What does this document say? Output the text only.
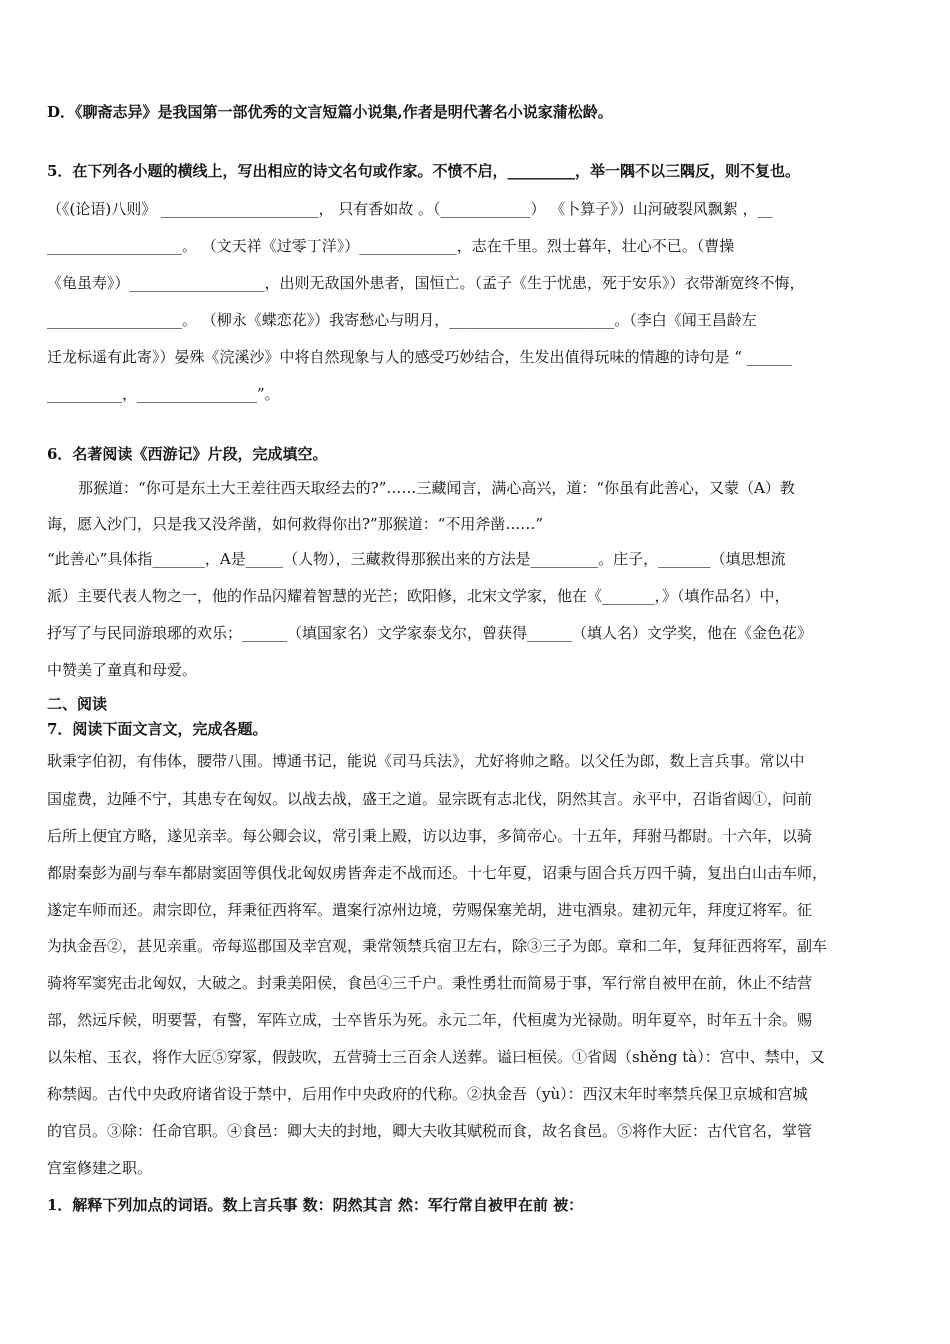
D．《聊斋志异》是我国第一部优秀的文言短篇小说集,作者是明代著名小说家蒲松龄。
5．在下列各小题的横线上，写出相应的诗文名句或作家。不愤不启，_________，举一隅不以三隅反，则不复也。
（《(论语)八则》 _____________________， 只有香如故 。（____________） 《卜算子》）山河破裂风飘絮 ，__
__________________。 （文天祥《过零丁洋》）_____________，志在千里。烈士暮年，壮心不已。（曹操
《龟虽寿》）__________________，出则无敌国外患者，国恒亡。（孟子《生于忧患，死于安乐》）衣带渐宽终不悔，
__________________。 （柳永《蝶恋花》）我寄愁心与明月，______________________。（李白《闻王昌龄左
迁龙标遥有此寄》）晏殊《浣溪沙》中将自然现象与人的感受巧妙结合，生发出值得玩味的情趣的诗句是 “ ______
__________，________________”。
6．名著阅读《西游记》片段，完成填空。
那猴道：“你可是东土大王差往西天取经去的?”……三藏闻言，满心高兴，道：“你虽有此善心，又蒙（A）教
诲，愿入沙门，只是我又没斧凿，如何救得你出?”那猴道：“不用斧凿……”
“此善心”具体指_______，A是_____（人物），三藏救得那猴出来的方法是_________。庄子，_______（填思想流
派）主要代表人物之一，他的作品闪耀着智慧的光芒；欧阳修，北宋文学家，他在《_______，》（填作品名）中，
抒写了与民同游琅琊的欢乐；______（填国家名）文学家泰戈尔，曾获得______（填人名）文学奖，他在《金色花》
中赞美了童真和母爱。
二、阅读
7．阅读下面文言文，完成各题。
耿秉字伯初，有伟体，腰带八围。博通书记，能说《司马兵法》，尤好将帅之略。以父任为郎，数上言兵事。常以中
国虚费，边陲不宁，其患专在匈奴。以战去战，盛王之道。显宗既有志北伐，阴然其言。永平中，召诣省闼①，问前
后所上便宜方略，遂见亲幸。每公卿会议，常引秉上殿，访以边事，多简帝心。十五年，拜驸马都尉。十六年，以骑
都尉秦彭为副与奉车都尉窦固等俱伐北匈奴虏皆奔走不战而还。十七年夏，诏秉与固合兵万四千骑，复出白山击车师，
遂定车师而还。肃宗即位，拜秉征西将军。遣案行凉州边境，劳赐保塞羌胡，进屯酒泉。建初元年，拜度辽将军。征
为执金吾②，甚见亲重。帝每巡郡国及幸宫观，秉常领禁兵宿卫左右，除③三子为郎。章和二年，复拜征西将军，副车
骑将军窦宪击北匈奴，大破之。封秉美阳侯，食邑④三千户。秉性勇壮而简易于事，军行常自被甲在前，休止不结营
部，然远斥候，明要誓，有警，军阵立成，士卒皆乐为死。永元二年，代桓虞为光禄勋。明年夏卒，时年五十余。赐
以朱棺、玉衣，将作大匠⑤穿冢，假鼓吹，五营骑士三百余人送葬。谥曰桓侯。①省闼（shěng tà）：宫中、禁中，又
称禁闼。古代中央政府诸省设于禁中，后用作中央政府的代称。②执金吾（yù）：西汉末年时率禁兵保卫京城和宫城
的官员。③除：任命官职。④食邑：卿大夫的封地，卿大夫收其赋税而食，故名食邑。⑤将作大匠：古代官名，掌管
宫室修建之职。
1．解释下列加点的词语。数上言兵事 数：阴然其言 然：军行常自被甲在前 被：
